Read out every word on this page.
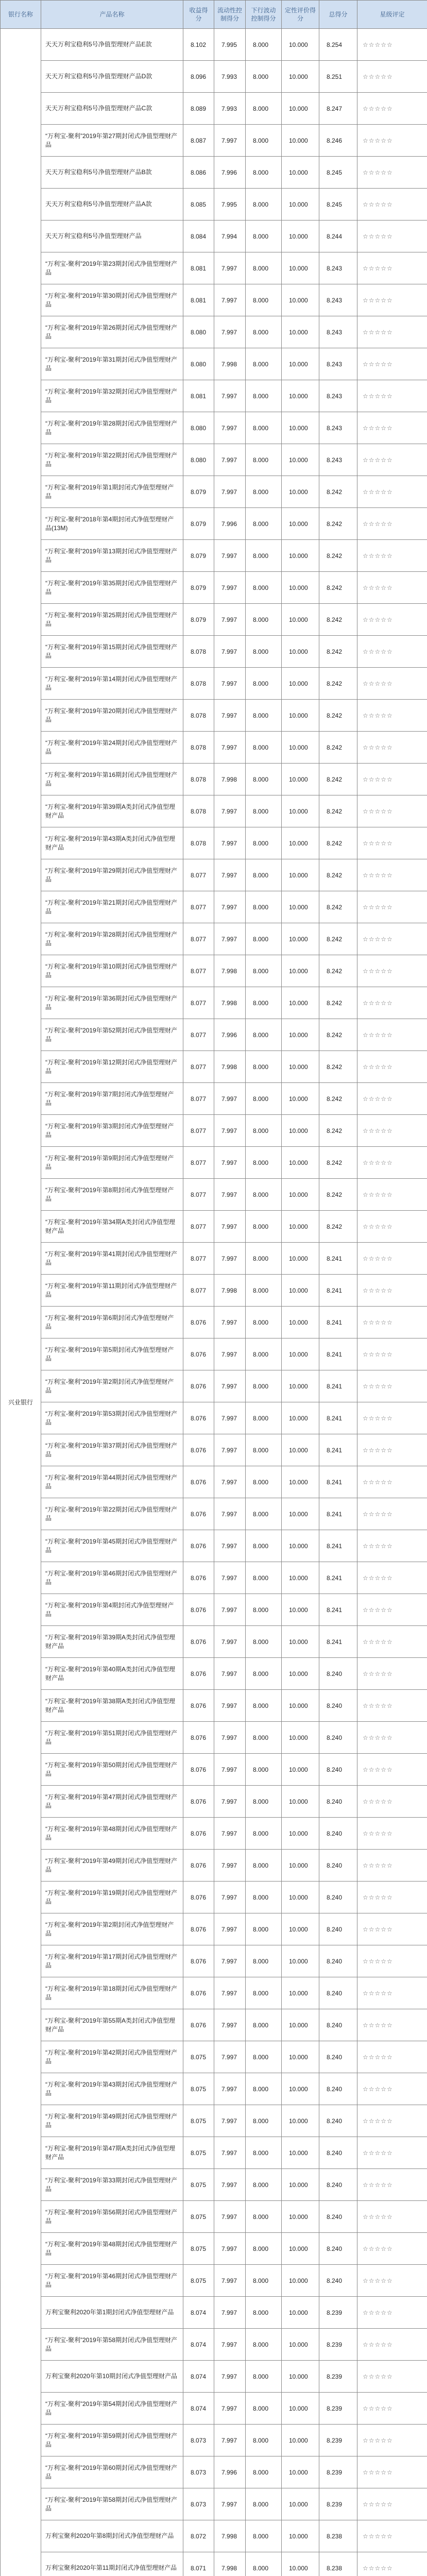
银行名称	产品名称	收益得分	流动性控制得分	下行波动控制得分	定性评价得分	总得分	星级评定
兴业银行	天天万利宝稳利5号净值型理财产品E款	8.102	7.995	8.000	10.000	8.254	☆☆☆☆☆
	天天万利宝稳利5号净值型理财产品D款	8.096	7.993	8.000	10.000	8.251	☆☆☆☆☆
	天天万利宝稳利5号净值型理财产品C款	8.089	7.993	8.000	10.000	8.247	☆☆☆☆☆
	“万利宝-聚利”2019年第27期封闭式净值型理财产品	8.087	7.997	8.000	10.000	8.246	☆☆☆☆☆
	天天万利宝稳利5号净值型理财产品B款	8.086	7.996	8.000	10.000	8.245	☆☆☆☆☆
	天天万利宝稳利5号净值型理财产品A款	8.085	7.995	8.000	10.000	8.245	☆☆☆☆☆
	天天万利宝稳利5号净值型理财产品	8.084	7.994	8.000	10.000	8.244	☆☆☆☆☆
	“万利宝-聚利”2019年第23期封闭式净值型理财产品	8.081	7.997	8.000	10.000	8.243	☆☆☆☆☆
	“万利宝-聚利”2019年第30期封闭式净值型理财产品	8.081	7.997	8.000	10.000	8.243	☆☆☆☆☆
	“万利宝-聚利”2019年第26期封闭式净值型理财产品	8.080	7.997	8.000	10.000	8.243	☆☆☆☆☆
	“万利宝-聚利”2019年第31期封闭式净值型理财产品	8.080	7.998	8.000	10.000	8.243	☆☆☆☆☆
	“万利宝-聚利”2019年第32期封闭式净值型理财产品	8.081	7.997	8.000	10.000	8.243	☆☆☆☆☆
	“万利宝-聚利”2019年第28期封闭式净值型理财产品	8.080	7.997	8.000	10.000	8.243	☆☆☆☆☆
	“万利宝-聚利”2019年第22期封闭式净值型理财产品	8.080	7.997	8.000	10.000	8.243	☆☆☆☆☆
	“万利宝-聚利”2019年第1期封闭式净值型理财产品	8.079	7.997	8.000	10.000	8.242	☆☆☆☆☆
	“万利宝-聚利”2018年第4期封闭式净值型理财产品(13M)	8.079	7.996	8.000	10.000	8.242	☆☆☆☆☆
	“万利宝-聚利”2019年第13期封闭式净值型理财产品	8.079	7.997	8.000	10.000	8.242	☆☆☆☆☆
	“万利宝-聚利”2019年第35期封闭式净值型理财产品	8.079	7.997	8.000	10.000	8.242	☆☆☆☆☆
	“万利宝-聚利”2019年第25期封闭式净值型理财产品	8.079	7.997	8.000	10.000	8.242	☆☆☆☆☆
	“万利宝-聚利”2019年第15期封闭式净值型理财产品	8.078	7.997	8.000	10.000	8.242	☆☆☆☆☆
	“万利宝-聚利”2019年第14期封闭式净值型理财产品	8.078	7.997	8.000	10.000	8.242	☆☆☆☆☆
	“万利宝-聚利”2019年第20期封闭式净值型理财产品	8.078	7.997	8.000	10.000	8.242	☆☆☆☆☆
	“万利宝-聚利”2019年第24期封闭式净值型理财产品	8.078	7.997	8.000	10.000	8.242	☆☆☆☆☆
	“万利宝-聚利”2019年第16期封闭式净值型理财产品	8.078	7.998	8.000	10.000	8.242	☆☆☆☆☆
	“万利宝-聚利”2019年第39期A类封闭式净值型理财产品	8.078	7.997	8.000	10.000	8.242	☆☆☆☆☆
	“万利宝-聚利”2019年第43期A类封闭式净值型理财产品	8.078	7.997	8.000	10.000	8.242	☆☆☆☆☆
	“万利宝-聚利”2019年第29期封闭式净值型理财产品	8.077	7.997	8.000	10.000	8.242	☆☆☆☆☆
	“万利宝-聚利”2019年第21期封闭式净值型理财产品	8.077	7.997	8.000	10.000	8.242	☆☆☆☆☆
	“万利宝-聚利”2019年第28期封闭式净值型理财产品	8.077	7.997	8.000	10.000	8.242	☆☆☆☆☆
	“万利宝-聚利”2019年第10期封闭式净值型理财产品	8.077	7.998	8.000	10.000	8.242	☆☆☆☆☆
	“万利宝-聚利”2019年第36期封闭式净值型理财产品	8.077	7.998	8.000	10.000	8.242	☆☆☆☆☆
	“万利宝-聚利”2019年第52期封闭式净值型理财产品	8.077	7.996	8.000	10.000	8.242	☆☆☆☆☆
	“万利宝-聚利”2019年第12期封闭式净值型理财产品	8.077	7.998	8.000	10.000	8.242	☆☆☆☆☆
	“万利宝-聚利”2019年第7期封闭式净值型理财产品	8.077	7.997	8.000	10.000	8.242	☆☆☆☆☆
	“万利宝-聚利”2019年第3期封闭式净值型理财产品	8.077	7.997	8.000	10.000	8.242	☆☆☆☆☆
	“万利宝-聚利”2019年第9期封闭式净值型理财产品	8.077	7.997	8.000	10.000	8.242	☆☆☆☆☆
	“万利宝-聚利”2019年第8期封闭式净值型理财产品	8.077	7.997	8.000	10.000	8.242	☆☆☆☆☆
	“万利宝-聚利”2019年第34期A类封闭式净值型理财产品	8.077	7.997	8.000	10.000	8.242	☆☆☆☆☆
	“万利宝-聚利”2019年第41期封闭式净值型理财产品	8.077	7.997	8.000	10.000	8.241	☆☆☆☆☆
	“万利宝-聚利”2019年第11期封闭式净值型理财产品	8.077	7.998	8.000	10.000	8.241	☆☆☆☆☆
	“万利宝-聚利”2019年第6期封闭式净值型理财产品	8.076	7.997	8.000	10.000	8.241	☆☆☆☆☆
	“万利宝-聚利”2019年第5期封闭式净值型理财产品	8.076	7.997	8.000	10.000	8.241	☆☆☆☆☆
	“万利宝-聚利”2019年第2期封闭式净值型理财产品	8.076	7.997	8.000	10.000	8.241	☆☆☆☆☆
	“万利宝-聚利”2019年第53期封闭式净值型理财产品	8.076	7.997	8.000	10.000	8.241	☆☆☆☆☆
	“万利宝-聚利”2019年第37期封闭式净值型理财产品	8.076	7.997	8.000	10.000	8.241	☆☆☆☆☆
	“万利宝-聚利”2019年第44期封闭式净值型理财产品	8.076	7.997	8.000	10.000	8.241	☆☆☆☆☆
	“万利宝-聚利”2019年第22期封闭式净值型理财产品	8.076	7.997	8.000	10.000	8.241	☆☆☆☆☆
	“万利宝-聚利”2019年第45期封闭式净值型理财产品	8.076	7.997	8.000	10.000	8.241	☆☆☆☆☆
	“万利宝-聚利”2019年第46期封闭式净值型理财产品	8.076	7.997	8.000	10.000	8.241	☆☆☆☆☆
	“万利宝-聚利”2019年第4期封闭式净值型理财产品	8.076	7.997	8.000	10.000	8.241	☆☆☆☆☆
	“万利宝-聚利”2019年第39期A类封闭式净值型理财产品	8.076	7.997	8.000	10.000	8.241	☆☆☆☆☆
	“万利宝-聚利”2019年第40期A类封闭式净值型理财产品	8.076	7.997	8.000	10.000	8.240	☆☆☆☆☆
	“万利宝-聚利”2019年第38期A类封闭式净值型理财产品	8.076	7.997	8.000	10.000	8.240	☆☆☆☆☆
	“万利宝-聚利”2019年第51期封闭式净值型理财产品	8.076	7.997	8.000	10.000	8.240	☆☆☆☆☆
	“万利宝-聚利”2019年第50期封闭式净值型理财产品	8.076	7.997	8.000	10.000	8.240	☆☆☆☆☆
	“万利宝-聚利”2019年第47期封闭式净值型理财产品	8.076	7.997	8.000	10.000	8.240	☆☆☆☆☆
	“万利宝-聚利”2019年第48期封闭式净值型理财产品	8.076	7.997	8.000	10.000	8.240	☆☆☆☆☆
	“万利宝-聚利”2019年第49期封闭式净值型理财产品	8.076	7.997	8.000	10.000	8.240	☆☆☆☆☆
	“万利宝-聚利”2019年第19期封闭式净值型理财产品	8.076	7.997	8.000	10.000	8.240	☆☆☆☆☆
	“万利宝-聚利”2019年第2期封闭式净值型理财产品	8.076	7.997	8.000	10.000	8.240	☆☆☆☆☆
	“万利宝-聚利”2019年第17期封闭式净值型理财产品	8.076	7.997	8.000	10.000	8.240	☆☆☆☆☆
	“万利宝-聚利”2019年第18期封闭式净值型理财产品	8.076	7.997	8.000	10.000	8.240	☆☆☆☆☆
	“万利宝-聚利”2019年第55期A类封闭式净值型理财产品	8.076	7.997	8.000	10.000	8.240	☆☆☆☆☆
	“万利宝-聚利”2019年第42期封闭式净值型理财产品	8.075	7.997	8.000	10.000	8.240	☆☆☆☆☆
	“万利宝-聚利”2019年第43期封闭式净值型理财产品	8.075	7.997	8.000	10.000	8.240	☆☆☆☆☆
	“万利宝-聚利”2019年第49期封闭式净值型理财产品	8.075	7.997	8.000	10.000	8.240	☆☆☆☆☆
	“万利宝-聚利”2019年第47期A类封闭式净值型理财产品	8.075	7.997	8.000	10.000	8.240	☆☆☆☆☆
	“万利宝-聚利”2019年第33期封闭式净值型理财产品	8.075	7.997	8.000	10.000	8.240	☆☆☆☆☆
	“万利宝-聚利”2019年第56期封闭式净值型理财产品	8.075	7.997	8.000	10.000	8.240	☆☆☆☆☆
	“万利宝-聚利”2019年第48期封闭式净值型理财产品	8.075	7.997	8.000	10.000	8.240	☆☆☆☆☆
	“万利宝-聚利”2019年第46期封闭式净值型理财产品	8.075	7.997	8.000	10.000	8.240	☆☆☆☆☆
	万利宝聚利2020年第1期封闭式净值型理财产品	8.074	7.997	8.000	10.000	8.239	☆☆☆☆☆
	“万利宝-聚利”2019年第58期封闭式净值型理财产品	8.074	7.997	8.000	10.000	8.239	☆☆☆☆☆
	万利宝聚利2020年第10期封闭式净值型理财产品	8.074	7.997	8.000	10.000	8.239	☆☆☆☆☆
	“万利宝-聚利”2019年第54期封闭式净值型理财产品	8.074	7.997	8.000	10.000	8.239	☆☆☆☆☆
	“万利宝-聚利”2019年第59期封闭式净值型理财产品	8.073	7.997	8.000	10.000	8.239	☆☆☆☆☆
	“万利宝-聚利”2019年第60期封闭式净值型理财产品	8.073	7.996	8.000	10.000	8.239	☆☆☆☆☆
	“万利宝-聚利”2019年第58期封闭式净值型理财产品	8.073	7.997	8.000	10.000	8.239	☆☆☆☆☆
	万利宝聚利2020年第8期封闭式净值型理财产品	8.072	7.998	8.000	10.000	8.238	☆☆☆☆☆
	万利宝聚利2020年第11期封闭式净值型理财产品	8.071	7.998	8.000	10.000	8.238	☆☆☆☆☆
